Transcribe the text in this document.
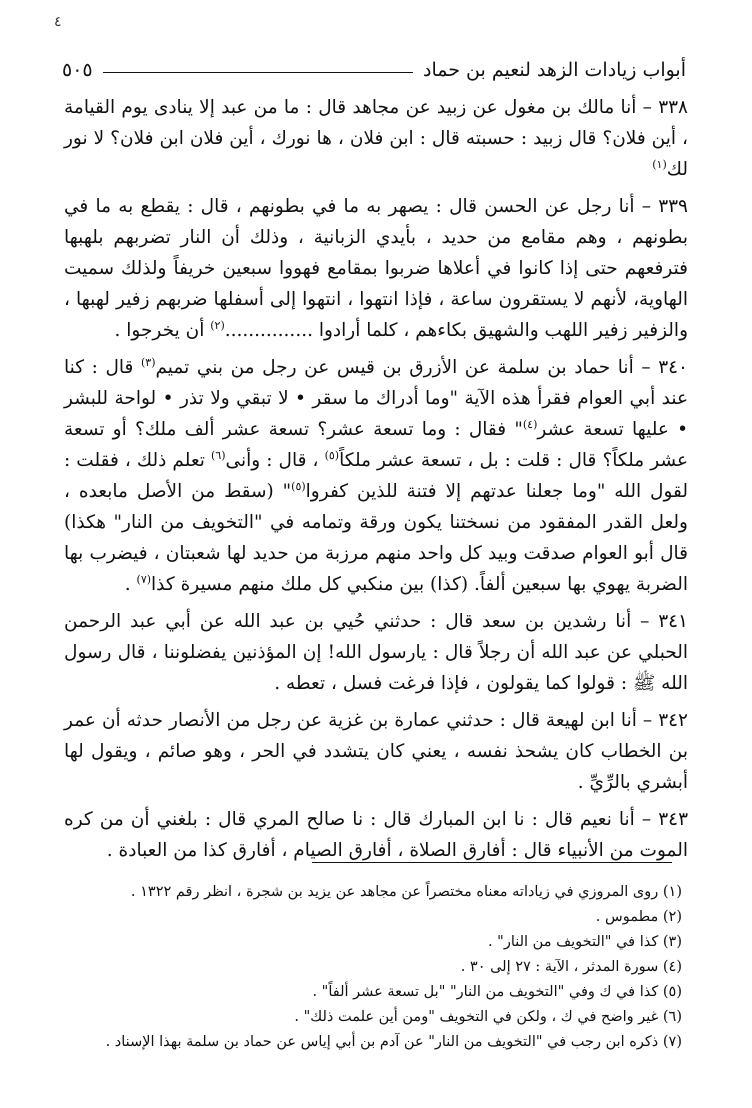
٤
أبواب زيادات الزهد لنعيم بن حماد
٥٠٥

٣٣٨ – أنا مالك بن مغول عن زبيد عن مجاهد قال : ما من عبد إلا ينادى يوم القيامة ، أين فلان؟ قال زبيد : حسبته قال : ابن فلان ، ها نورك ، أين فلان ابن فلان؟ لا نور لك$^{(١)}$

٣٣٩ – أنا رجل عن الحسن قال : يصهر به ما في بطونهم ، قال : يقطع به ما في بطونهم ، وهم مقامع من حديد ، بأيدي الزبانية ، وذلك أن النار تضربهم بلهبها فترفعهم حتى إذا كانوا في أعلاها ضربوا بمقامع فهووا سبعين خريفاً ولذلك سميت الهاوية، لأنهم لا يستقرون ساعة ، فإذا انتهوا ، انتهوا إلى أسفلها ضربهم زفير لهبها ، والزفير زفير اللهب والشهيق بكاءهم ، كلما أرادوا ...............$^{(٢)}$ أن يخرجوا .

٣٤٠ – أنا حماد بن سلمة عن الأزرق بن قيس عن رجل من بني تميم$^{(٣)}$ قال : كنا عند أبي العوام فقرأ هذه الآية "وما أدراك ما سقر • لا تبقي ولا تذر • لواحة للبشر • عليها تسعة عشر$^{(٤)}$" فقال : وما تسعة عشر؟ تسعة عشر ألف ملك؟ أو تسعة عشر ملكاً؟ قال : قلت : بل ، تسعة عشر ملكاً$^{(٥)}$ ، قال : وأنى$^{(٦)}$ تعلم ذلك ، فقلت : لقول الله "وما جعلنا عدتهم إلا فتنة للذين كفروا$^{(٥)}$" (سقط من الأصل مابعده ، ولعل القدر المفقود من نسختنا يكون ورقة وتمامه في "التخويف من النار" هكذا) قال أبو العوام صدقت وبيد كل واحد منهم مرزبة من حديد لها شعبتان ، فيضرب بها الضربة يهوي بها سبعين ألفاً. (كذا) بين منكبي كل ملك منهم مسيرة كذا$^{(٧)}$ .

٣٤١ – أنا رشدين بن سعد قال : حدثني حُيي بن عبد الله عن أبي عبد الرحمن الحبلي عن عبد الله أن رجلاً قال : يارسول الله! إن المؤذنين يفضلوننا ، قال رسول الله ﷺ : قولوا كما يقولون ، فإذا فرغت فسل ، تعطه .

٣٤٢ – أنا ابن لهيعة قال : حدثني عمارة بن غزية عن رجل من الأنصار حدثه أن عمر بن الخطاب كان يشحذ نفسه ، يعني كان يتشدد في الحر ، وهو صائم ، ويقول لها أبشري بالرِّيِّ .

٣٤٣ – أنا نعيم قال : نا ابن المبارك قال : نا صالح المري قال : بلغني أن من كره الموت من الأنبياء قال : أفارق الصلاة ، أفارق الصيام ، أفارق كذا من العبادة .

(١) روى المروزي في زياداته معناه مختصراً عن مجاهد عن يزيد بن شجرة ، انظر رقم ١٣٢٢ .

(٢) مطموس .

(٣) كذا في "التخويف من النار" .

(٤) سورة المدثر ، الآية : ٢٧ إلى ٣٠ .

(٥) كذا في ك وفي "التخويف من النار" "بل تسعة عشر ألفاً" .

(٦) غير واضح في ك ، ولكن في التخويف "ومن أين علمت ذلك" .

(٧) ذكره ابن رجب في "التخويف من النار" عن آدم بن أبي إياس عن حماد بن سلمة بهذا الإسناد .
